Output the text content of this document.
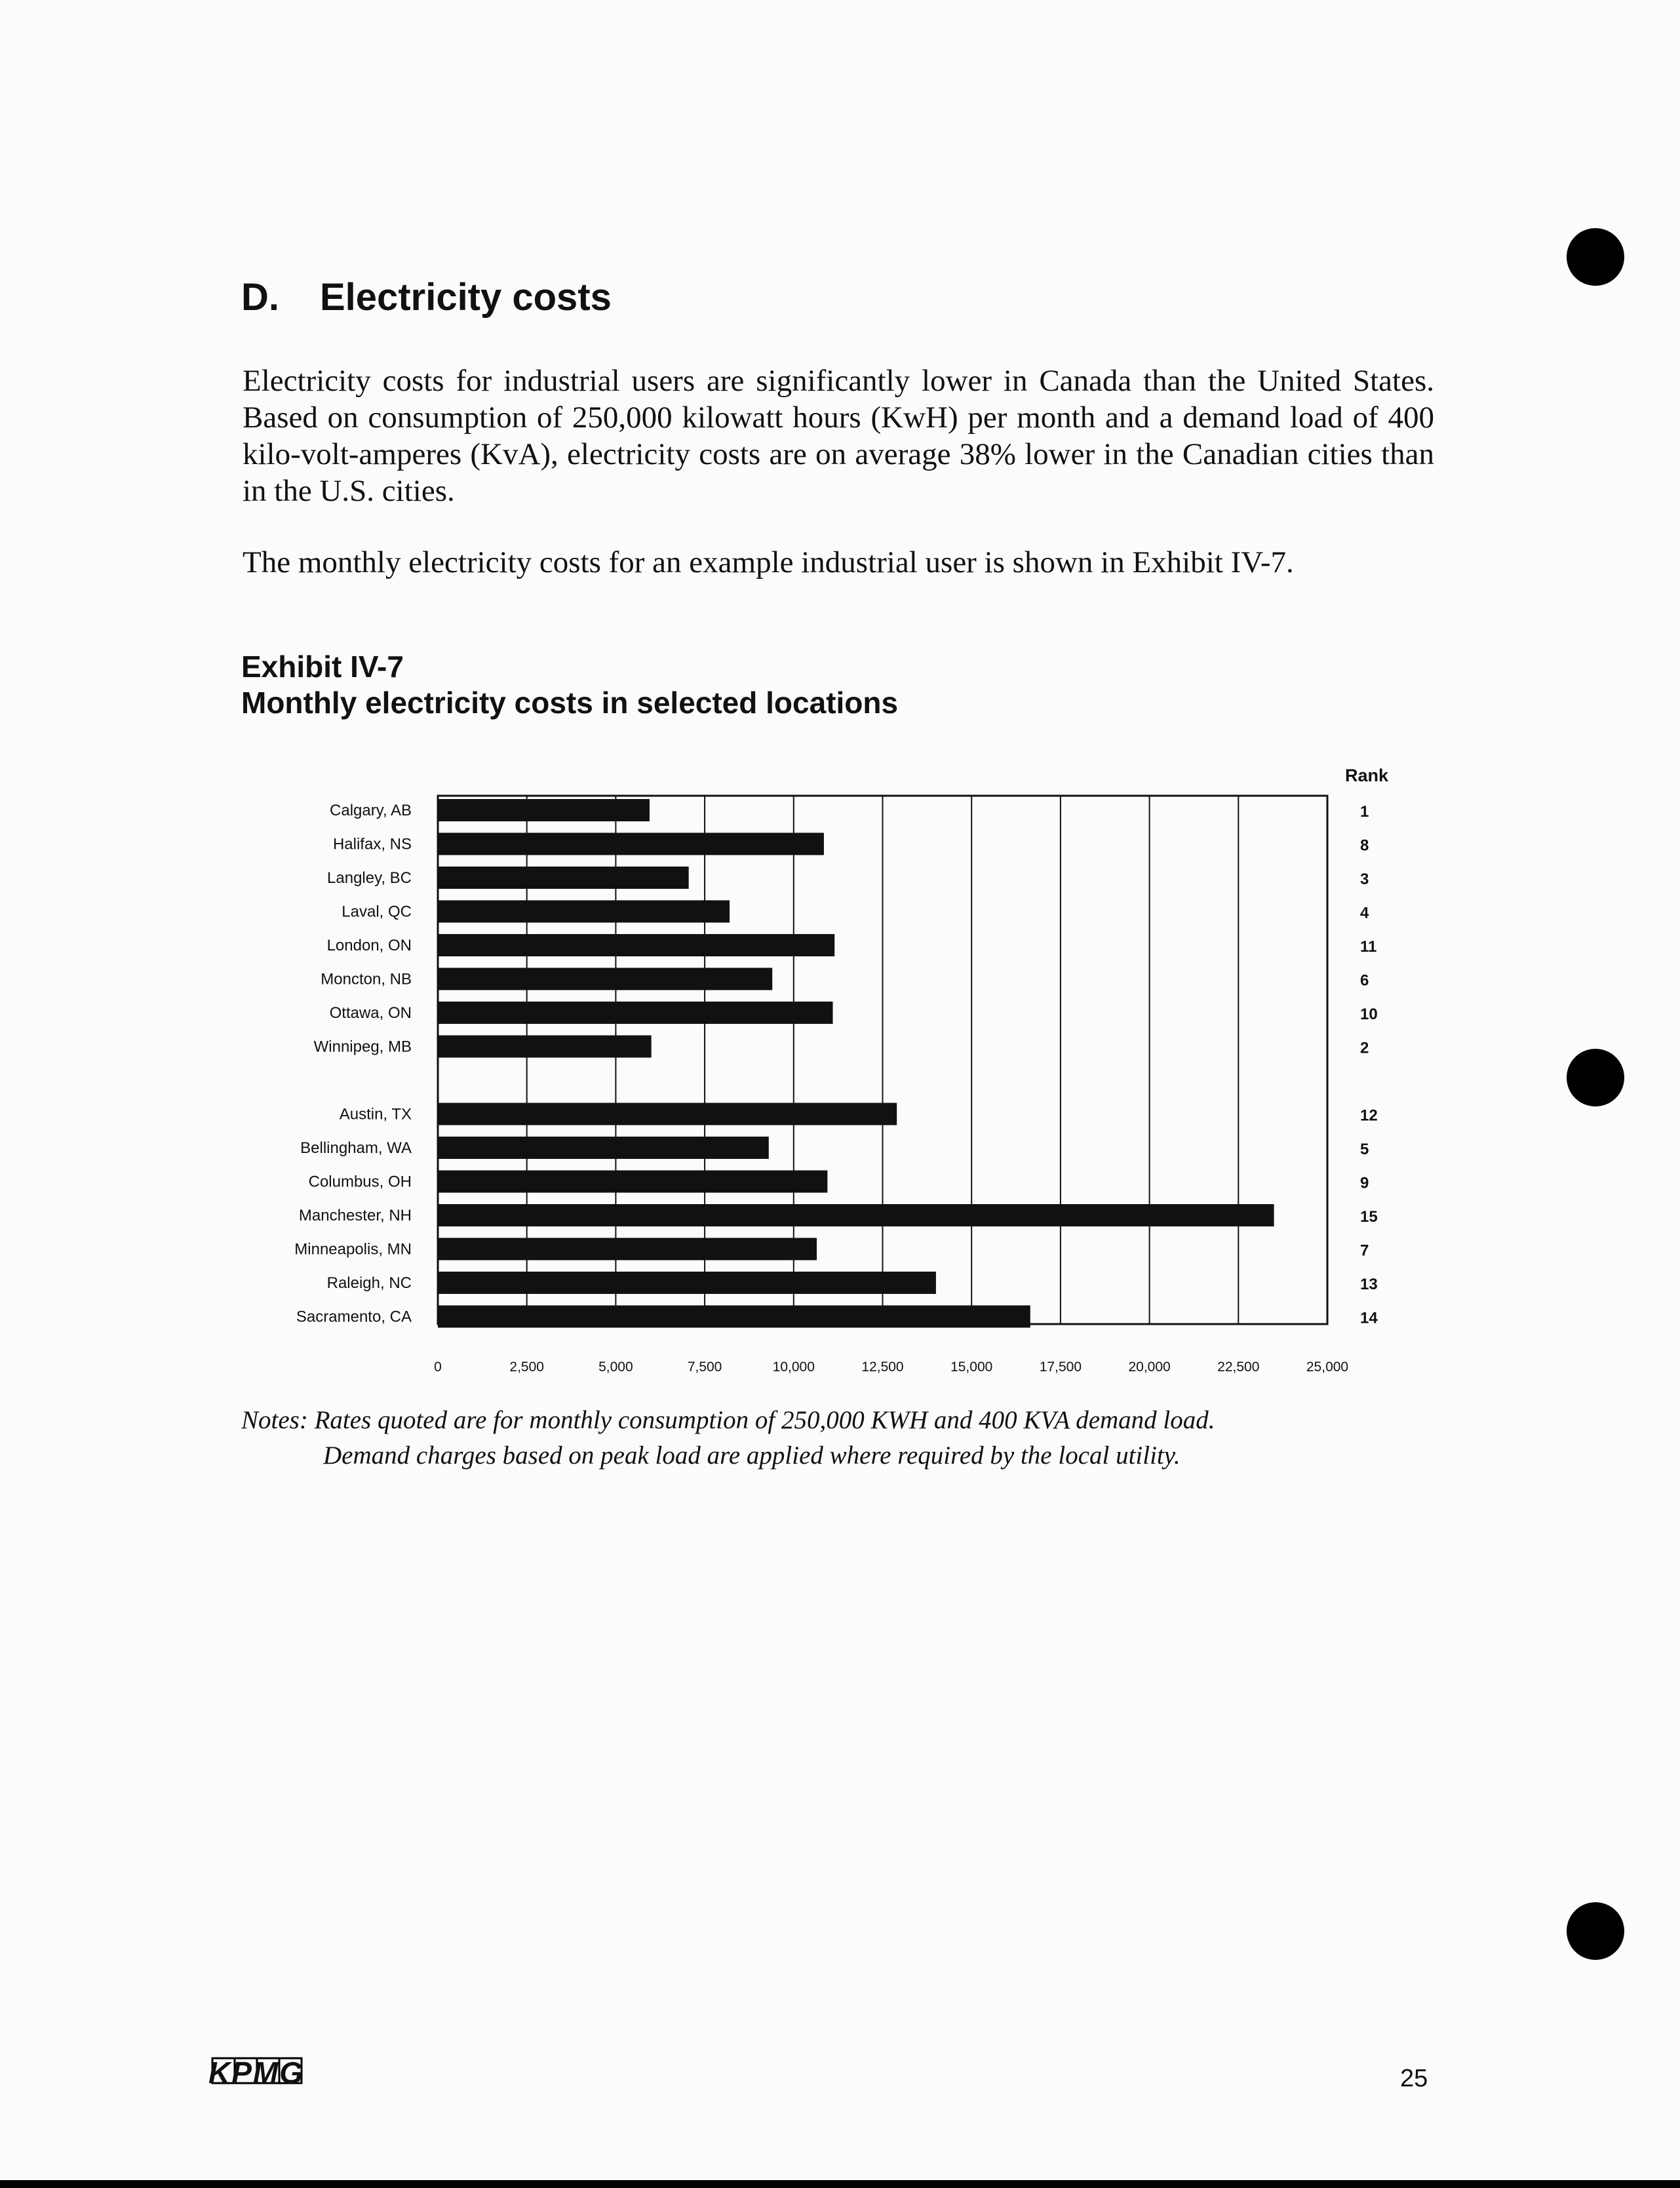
D. Electricity costs

Electricity costs for industrial users are significantly lower in Canada than the United States. Based on consumption of 250,000 kilowatt hours (KwH) per month and a demand load of 400 kilo-volt-amperes (KvA), electricity costs are on average 38% lower in the Canadian cities than in the U.S. cities.

The monthly electricity costs for an example industrial user is shown in Exhibit IV-7.

Exhibit IV-7
Monthly electricity costs in selected locations
0	2,500	5,000	7,500	10,000	12,500	15,000	17,500	20,000	22,500	25,000
Rank
Calgary, AB	1
Halifax, NS	8
Langley, BC	3
Laval, QC	4
London, ON	11
Moncton, NB	6
Ottawa, ON	10
Winnipeg, MB	2
Austin, TX	12
Bellingham, WA	5
Columbus, OH	9
Manchester, NH	15
Minneapolis, MN	7
Raleigh, NC	13
Sacramento, CA	14
Notes: Rates quoted are for monthly consumption of 250,000 KWH and 400 KVA demand load.
Demand charges based on peak load are applied where required by the local utility.
KPMG	25
